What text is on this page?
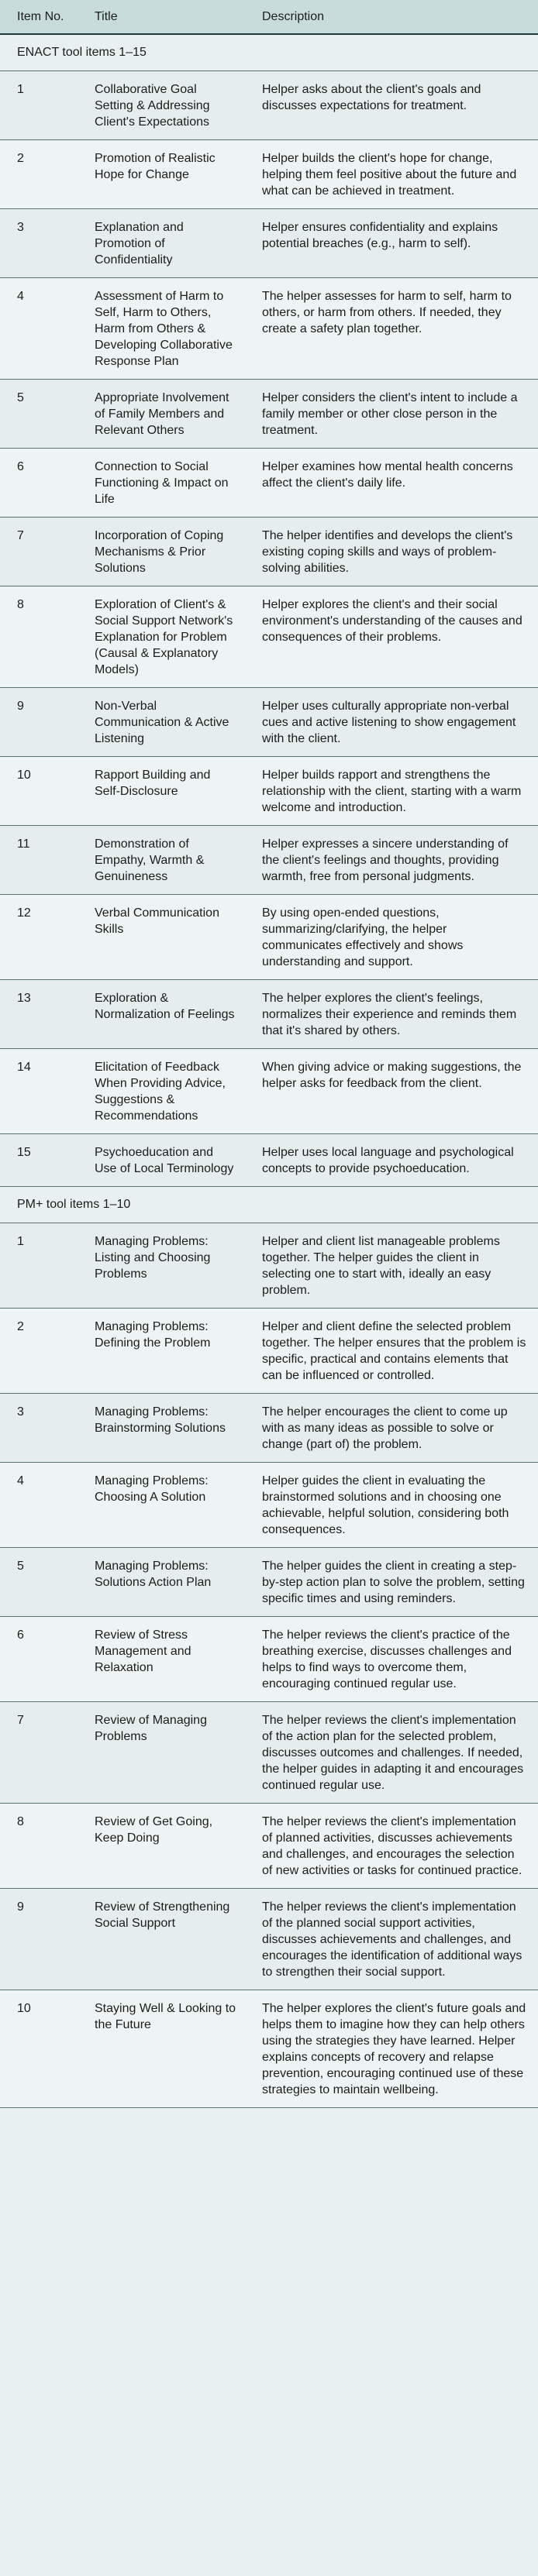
Item No.	Title	Description
ENACT tool items 1–15		
1	Collaborative Goal Setting & Addressing Client's Expectations	Helper asks about the client's goals and discusses expectations for treatment.
2	Promotion of Realistic Hope for Change	Helper builds the client's hope for change, helping them feel positive about the future and what can be achieved in treatment.
3	Explanation and Promotion of Confidentiality	Helper ensures confidentiality and explains potential breaches (e.g., harm to self).
4	Assessment of Harm to Self, Harm to Others, Harm from Others & Developing Collaborative Response Plan	The helper assesses for harm to self, harm to others, or harm from others. If needed, they create a safety plan together.
5	Appropriate Involvement of Family Members and Relevant Others	Helper considers the client's intent to include a family member or other close person in the treatment.
6	Connection to Social Functioning & Impact on Life	Helper examines how mental health concerns affect the client's daily life.
7	Incorporation of Coping Mechanisms & Prior Solutions	The helper identifies and develops the client's existing coping skills and ways of problem-solving abilities.
8	Exploration of Client's & Social Support Network's Explanation for Problem (Causal & Explanatory Models)	Helper explores the client's and their social environment's understanding of the causes and consequences of their problems.
9	Non-Verbal Communication & Active Listening	Helper uses culturally appropriate non-verbal cues and active listening to show engagement with the client.
10	Rapport Building and Self-Disclosure	Helper builds rapport and strengthens the relationship with the client, starting with a warm welcome and introduction.
11	Demonstration of Empathy, Warmth & Genuineness	Helper expresses a sincere understanding of the client's feelings and thoughts, providing warmth, free from personal judgments.
12	Verbal Communication Skills	By using open-ended questions, summarizing/clarifying, the helper communicates effectively and shows understanding and support.
13	Exploration & Normalization of Feelings	The helper explores the client's feelings, normalizes their experience and reminds them that it's shared by others.
14	Elicitation of Feedback When Providing Advice, Suggestions & Recommendations	When giving advice or making suggestions, the helper asks for feedback from the client.
15	Psychoeducation and Use of Local Terminology	Helper uses local language and psychological concepts to provide psychoeducation.
PM+ tool items 1–10		
1	Managing Problems: Listing and Choosing Problems	Helper and client list manageable problems together. The helper guides the client in selecting one to start with, ideally an easy problem.
2	Managing Problems: Defining the Problem	Helper and client define the selected problem together. The helper ensures that the problem is specific, practical and contains elements that can be influenced or controlled.
3	Managing Problems: Brainstorming Solutions	The helper encourages the client to come up with as many ideas as possible to solve or change (part of) the problem.
4	Managing Problems: Choosing A Solution	Helper guides the client in evaluating the brainstormed solutions and in choosing one achievable, helpful solution, considering both consequences.
5	Managing Problems: Solutions Action Plan	The helper guides the client in creating a step-by-step action plan to solve the problem, setting specific times and using reminders.
6	Review of Stress Management and Relaxation	The helper reviews the client's practice of the breathing exercise, discusses challenges and helps to find ways to overcome them, encouraging continued regular use.
7	Review of Managing Problems	The helper reviews the client's implementation of the action plan for the selected problem, discusses outcomes and challenges. If needed, the helper guides in adapting it and encourages continued regular use.
8	Review of Get Going, Keep Doing	The helper reviews the client's implementation of planned activities, discusses achievements and challenges, and encourages the selection of new activities or tasks for continued practice.
9	Review of Strengthening Social Support	The helper reviews the client's implementation of the planned social support activities, discusses achievements and challenges, and encourages the identification of additional ways to strengthen their social support.
10	Staying Well & Looking to the Future	The helper explores the client's future goals and helps them to imagine how they can help others using the strategies they have learned. Helper explains concepts of recovery and relapse prevention, encouraging continued use of these strategies to maintain wellbeing.
